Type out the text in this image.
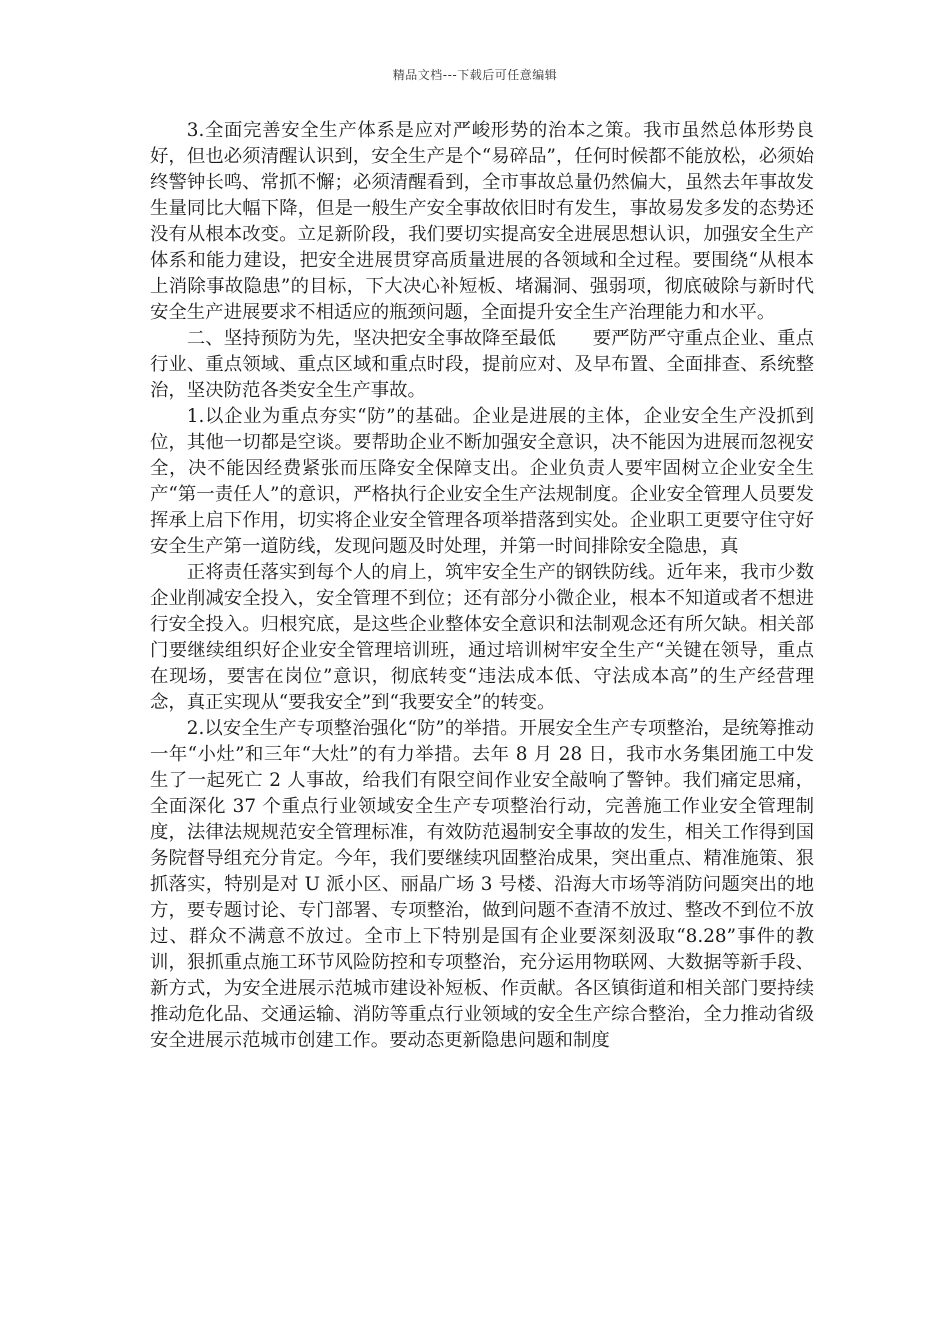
精品文档---下载后可任意编辑

3.全面完善安全生产体系是应对严峻形势的治本之策。我市虽然总体形势良好，但也必须清醒认识到，安全生产是个“易碎品”，任何时候都不能放松，必须始终警钟长鸣、常抓不懈；必须清醒看到，全市事故总量仍然偏大，虽然去年事故发生量同比大幅下降，但是一般生产安全事故依旧时有发生，事故易发多发的态势还没有从根本改变。立足新阶段，我们要切实提高安全进展思想认识，加强安全生产体系和能力建设，把安全进展贯穿高质量进展的各领域和全过程。要围绕“从根本上消除事故隐患”的目标，下大决心补短板、堵漏洞、强弱项，彻底破除与新时代安全生产进展要求不相适应的瓶颈问题，全面提升安全生产治理能力和水平。

二、坚持预防为先，坚决把安全事故降至最低　　要严防严守重点企业、重点行业、重点领域、重点区域和重点时段，提前应对、及早布置、全面排查、系统整治，坚决防范各类安全生产事故。

1.以企业为重点夯实“防”的基础。企业是进展的主体，企业安全生产没抓到位，其他一切都是空谈。要帮助企业不断加强安全意识，决不能因为进展而忽视安全，决不能因经费紧张而压降安全保障支出。企业负责人要牢固树立企业安全生产“第一责任人”的意识，严格执行企业安全生产法规制度。企业安全管理人员要发挥承上启下作用，切实将企业安全管理各项举措落到实处。企业职工更要守住守好安全生产第一道防线，发现问题及时处理，并第一时间排除安全隐患，真

正将责任落实到每个人的肩上，筑牢安全生产的钢铁防线。近年来，我市少数企业削减安全投入，安全管理不到位；还有部分小微企业，根本不知道或者不想进行安全投入。归根究底，是这些企业整体安全意识和法制观念还有所欠缺。相关部门要继续组织好企业安全管理培训班，通过培训树牢安全生产“关键在领导，重点在现场，要害在岗位”意识，彻底转变“违法成本低、守法成本高”的生产经营理念，真正实现从“要我安全”到“我要安全”的转变。

2.以安全生产专项整治强化“防”的举措。开展安全生产专项整治，是统筹推动一年“小灶”和三年“大灶”的有力举措。去年 8 月 28 日，我市水务集团施工中发生了一起死亡 2 人事故，给我们有限空间作业安全敲响了警钟。我们痛定思痛，全面深化 37 个重点行业领域安全生产专项整治行动，完善施工作业安全管理制度，法律法规规范安全管理标准，有效防范遏制安全事故的发生，相关工作得到国务院督导组充分肯定。今年，我们要继续巩固整治成果，突出重点、精准施策、狠抓落实，特别是对 U 派小区、丽晶广场 3 号楼、沿海大市场等消防问题突出的地方，要专题讨论、专门部署、专项整治，做到问题不查清不放过、整改不到位不放过、群众不满意不放过。全市上下特别是国有企业要深刻汲取“8.28”事件的教训，狠抓重点施工环节风险防控和专项整治，充分运用物联网、大数据等新手段、新方式，为安全进展示范城市建设补短板、作贡献。各区镇街道和相关部门要持续推动危化品、交通运输、消防等重点行业领域的安全生产综合整治，全力推动省级安全进展示范城市创建工作。要动态更新隐患问题和制度
